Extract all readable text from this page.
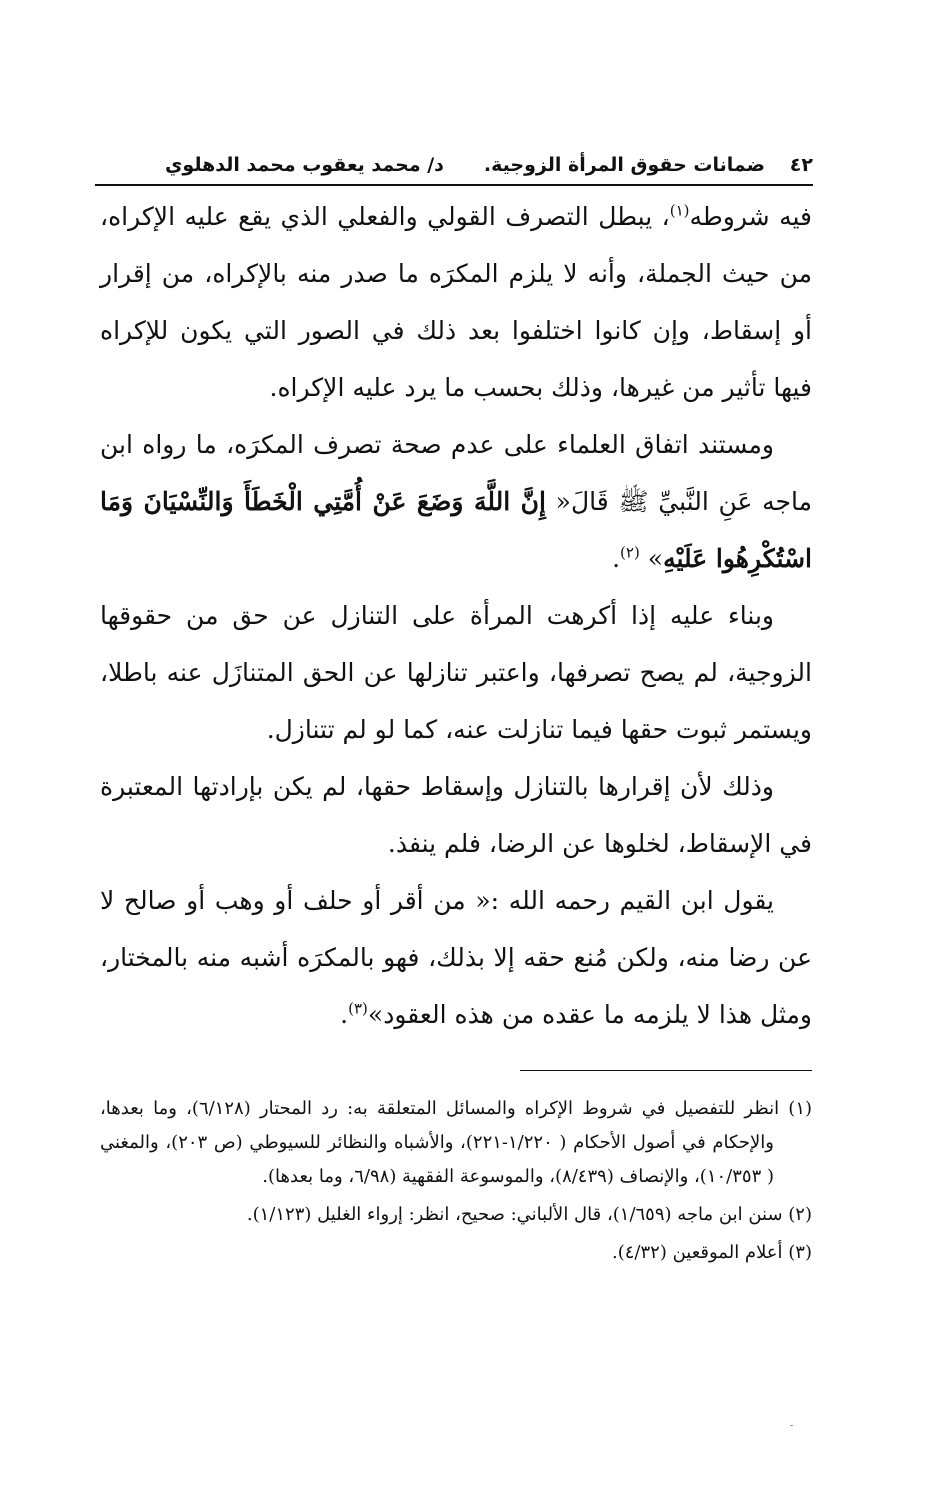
٤٢
ضمانات حقوق المرأة الزوجية.
د/ محمد يعقوب محمد الدهلوي

فيه شروطه$^{(١)}$، يبطل التصرف القولي والفعلي الذي يقع عليه الإكراه، من حيث الجملة، وأنه لا يلزم المكرَه ما صدر منه بالإكراه، من إقرار أو إسقاط، وإن كانوا اختلفوا بعد ذلك في الصور التي يكون للإكراه فيها تأثير من غيرها، وذلك بحسب ما يرد عليه الإكراه.

ومستند اتفاق العلماء على عدم صحة تصرف المكرَه، ما رواه ابن ماجه عَنِ النَّبيِّ ﷺ قَالَ« إِنَّ اللَّهَ وَضَعَ عَنْ أُمَّتِي الْخَطَأَ وَالنِّسْيَانَ وَمَا اسْتُكْرِهُوا عَلَيْهِ» $^{(٢)}$.

وبناء عليه إذا أكرهت المرأة على التنازل عن حق من حقوقها الزوجية، لم يصح تصرفها، واعتبر تنازلها عن الحق المتنازَل عنه باطلا، ويستمر ثبوت حقها فيما تنازلت عنه، كما لو لم تتنازل.

وذلك لأن إقرارها بالتنازل وإسقاط حقها، لم يكن بإرادتها المعتبرة في الإسقاط، لخلوها عن الرضا، فلم ينفذ.

يقول ابن القيم رحمه الله :« من أقر أو حلف أو وهب أو صالح لا عن رضا منه، ولكن مُنع حقه إلا بذلك، فهو بالمكرَه أشبه منه بالمختار، ومثل هذا لا يلزمه ما عقده من هذه العقود»$^{(٣)}$.

(١) انظر للتفصيل في شروط الإكراه والمسائل المتعلقة به: رد المحتار (٦/١٢٨)، وما بعدها، والإحكام في أصول الأحكام ( ١/٢٢٠-٢٢١)، والأشباه والنظائر للسيوطي (ص ٢٠٣)، والمغني ( ١٠/٣٥٣)، والإنصاف (٨/٤٣٩)، والموسوعة الفقهية (٦/٩٨، وما بعدها).

(٢) سنن ابن ماجه (١/٦٥٩)، قال الألباني: صحيح، انظر: إرواء الغليل (١/١٢٣).

(٣) أعلام الموقعين (٤/٣٢).
